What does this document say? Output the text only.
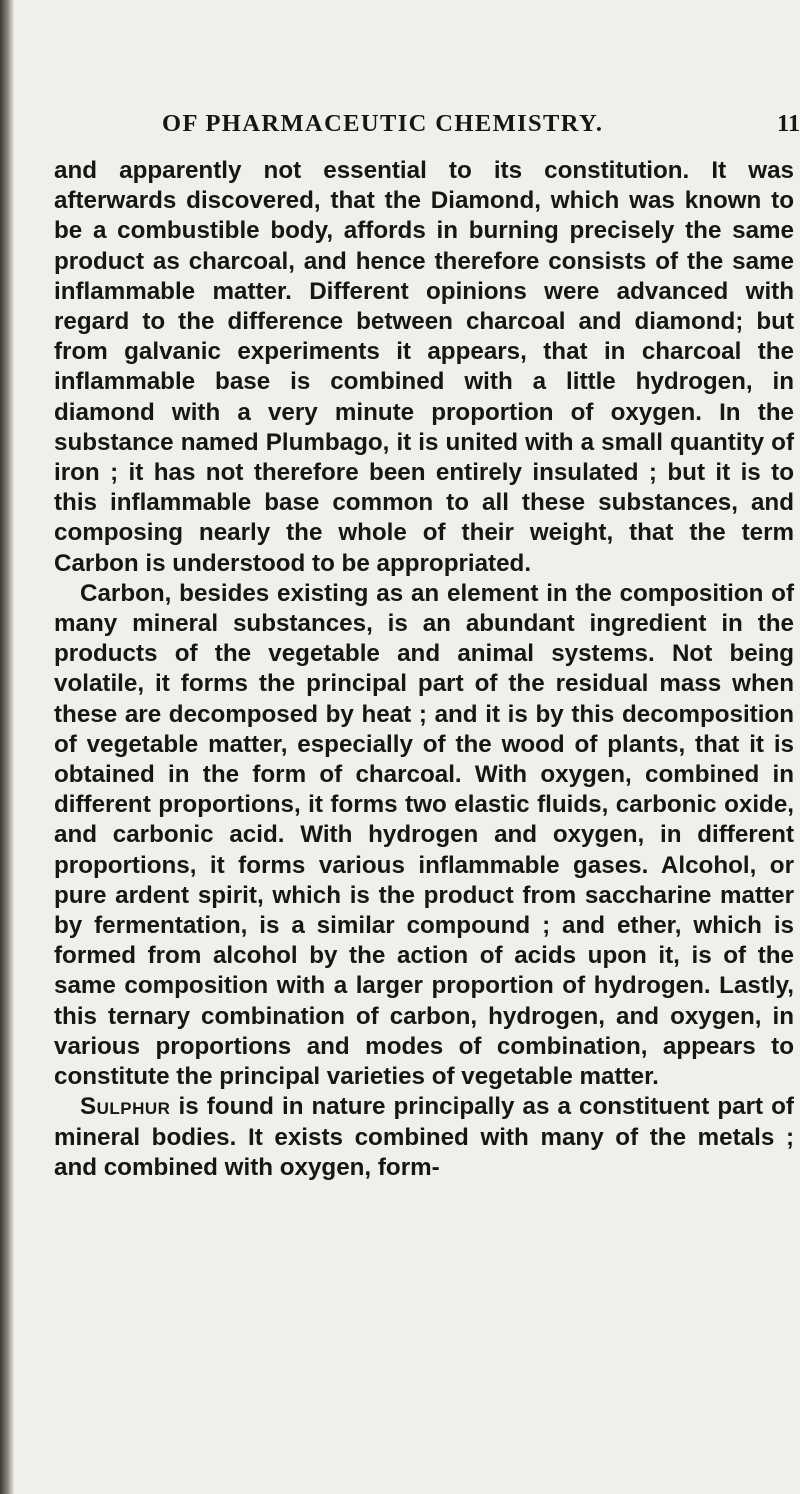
OF PHARMACEUTIC CHEMISTRY.	11

and apparently not essential to its constitution. It was afterwards discovered, that the Diamond, which was known to be a combustible body, affords in burning precisely the same product as charcoal, and hence therefore consists of the same inflammable matter. Different opinions were advanced with regard to the difference between charcoal and diamond; but from galvanic experiments it appears, that in charcoal the inflammable base is combined with a little hydrogen, in diamond with a very minute proportion of oxygen. In the substance named Plumbago, it is united with a small quantity of iron ; it has not therefore been entirely insulated ; but it is to this inflammable base common to all these substances, and composing nearly the whole of their weight, that the term Carbon is understood to be appropriated.

Carbon, besides existing as an element in the composition of many mineral substances, is an abundant ingredient in the products of the vegetable and animal systems. Not being volatile, it forms the principal part of the residual mass when these are decomposed by heat ; and it is by this decomposition of vegetable matter, especially of the wood of plants, that it is obtained in the form of charcoal. With oxygen, combined in different proportions, it forms two elastic fluids, carbonic oxide, and carbonic acid. With hydrogen and oxygen, in different proportions, it forms various inflammable gases. Alcohol, or pure ardent spirit, which is the product from saccharine matter by fermentation, is a similar compound ; and ether, which is formed from alcohol by the action of acids upon it, is of the same composition with a larger proportion of hydrogen. Lastly, this ternary combination of carbon, hydrogen, and oxygen, in various proportions and modes of combination, appears to constitute the principal varieties of vegetable matter.

Sulphur is found in nature principally as a constituent part of mineral bodies. It exists combined with many of the metals ; and combined with oxygen, form-
